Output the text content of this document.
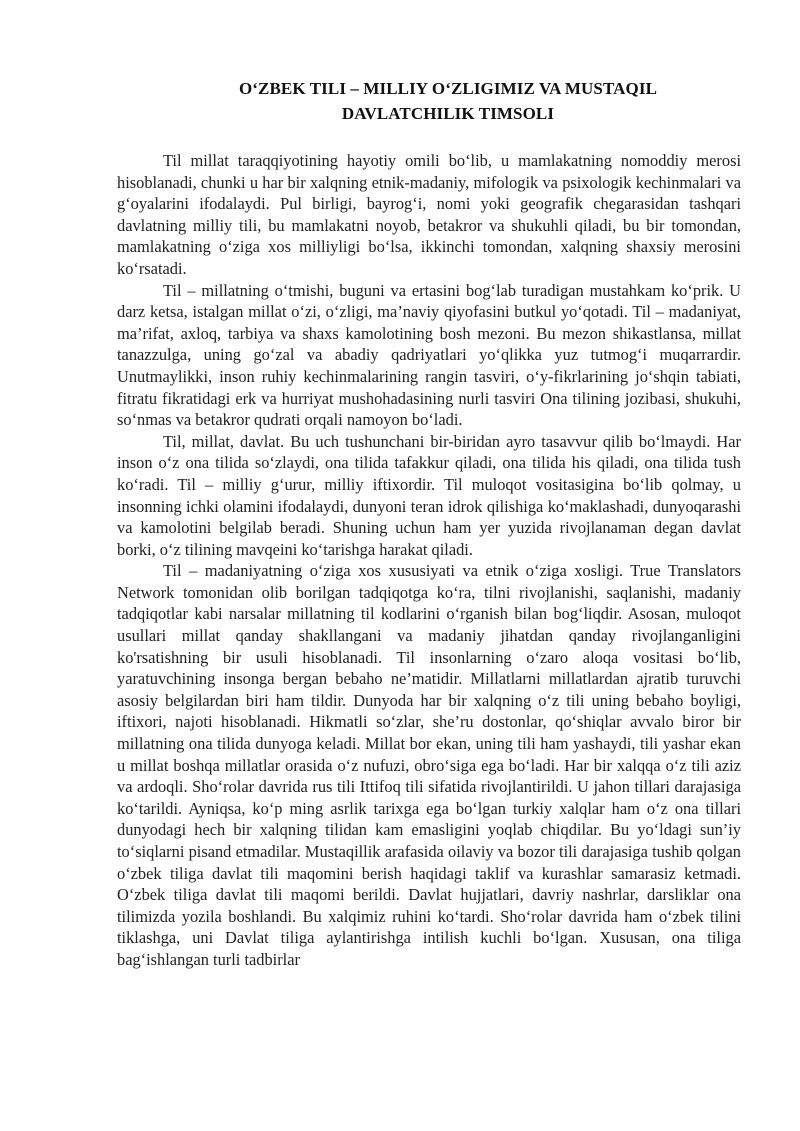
O‘ZBEK TILI – MILLIY O‘ZLIGIMIZ VA MUSTAQIL
DAVLATCHILIK TIMSOLI

Til millat taraqqiyotining hayotiy omili bo‘lib, u mamlakatning nomoddiy merosi hisoblanadi, chunki u har bir xalqning etnik-madaniy, mifologik va psixologik kechinmalari va g‘oyalarini ifodalaydi. Pul birligi, bayrog‘i, nomi yoki geografik chegarasidan tashqari davlatning milliy tili, bu mamlakatni noyob, betakror va shukuhli qiladi, bu bir tomondan, mamlakatning o‘ziga xos milliyligi bo‘lsa, ikkinchi tomondan, xalqning shaxsiy merosini ko‘rsatadi.

Til – millatning o‘tmishi, buguni va ertasini bog‘lab turadigan mustahkam ko‘prik. U darz ketsa, istalgan millat o‘zi, o‘zligi, ma’naviy qiyofasini butkul yo‘qotadi. Til – madaniyat, ma’rifat, axloq, tarbiya va shaxs kamolotining bosh mezoni. Bu mezon shikastlansa, millat tanazzulga, uning go‘zal va abadiy qadriyatlari yo‘qlikka yuz tutmog‘i muqarrardir. Unutmaylikki, inson ruhiy kechinmalarining rangin tasviri, o‘y-fikrlarining jo‘shqin tabiati, fitratu fikratidagi erk va hurriyat mushohadasining nurli tasviri Ona tilining jozibasi, shukuhi, so‘nmas va betakror qudrati orqali namoyon bo‘ladi.

Til, millat, davlat. Bu uch tushunchani bir-biridan ayro tasavvur qilib bo‘lmaydi. Har inson o‘z ona tilida so‘zlaydi, ona tilida tafakkur qiladi, ona tilida his qiladi, ona tilida tush ko‘radi. Til – milliy g‘urur, milliy iftixordir. Til muloqot vositasigina bo‘lib qolmay, u insonning ichki olamini ifodalaydi, dunyoni teran idrok qilishiga ko‘maklashadi, dunyoqarashi va kamolotini belgilab beradi. Shuning uchun ham yer yuzida rivojlanaman degan davlat borki, o‘z tilining mavqeini ko‘tarishga harakat qiladi.

Til – madaniyatning o‘ziga xos xususiyati va etnik o‘ziga xosligi. True Translators Network tomonidan olib borilgan tadqiqotga ko‘ra, tilni rivojlanishi, saqlanishi, madaniy tadqiqotlar kabi narsalar millatning til kodlarini o‘rganish bilan bog‘liqdir. Asosan, muloqot usullari millat qanday shakllangani va madaniy jihatdan qanday rivojlanganligini ko'rsatishning bir usuli hisoblanadi. Til insonlarning o‘zaro aloqa vositasi bo‘lib, yaratuvchining insonga bergan bebaho ne’matidir. Millatlarni millatlardan ajratib turuvchi asosiy belgilardan biri ham tildir. Dunyoda har bir xalqning o‘z tili uning bebaho boyligi, iftixori, najoti hisoblanadi. Hikmatli so‘zlar, she’ru dostonlar, qo‘shiqlar avvalo biror bir millatning ona tilida dunyoga keladi. Millat bor ekan, uning tili ham yashaydi, tili yashar ekan u millat boshqa millatlar orasida o‘z nufuzi, obro‘siga ega bo‘ladi. Har bir xalqqa o‘z tili aziz va ardoqli. Sho‘rolar davrida rus tili Ittifoq tili sifatida rivojlantirildi. U jahon tillari darajasiga ko‘tarildi. Ayniqsa, ko‘p ming asrlik tarixga ega bo‘lgan turkiy xalqlar ham o‘z ona tillari dunyodagi hech bir xalqning tilidan kam emasligini yoqlab chiqdilar. Bu yo‘ldagi sun’iy to‘siqlarni pisand etmadilar. Mustaqillik arafasida oilaviy va bozor tili darajasiga tushib qolgan o‘zbek tiliga davlat tili maqomini berish haqidagi taklif va kurashlar samarasiz ketmadi. O‘zbek tiliga davlat tili maqomi berildi. Davlat hujjatlari, davriy nashrlar, darsliklar ona tilimizda yozila boshlandi. Bu xalqimiz ruhini ko‘tardi. Sho‘rolar davrida ham o‘zbek tilini tiklashga, uni Davlat tiliga aylantirishga intilish kuchli bo‘lgan. Xususan, ona tiliga bag‘ishlangan turli tadbirlar
